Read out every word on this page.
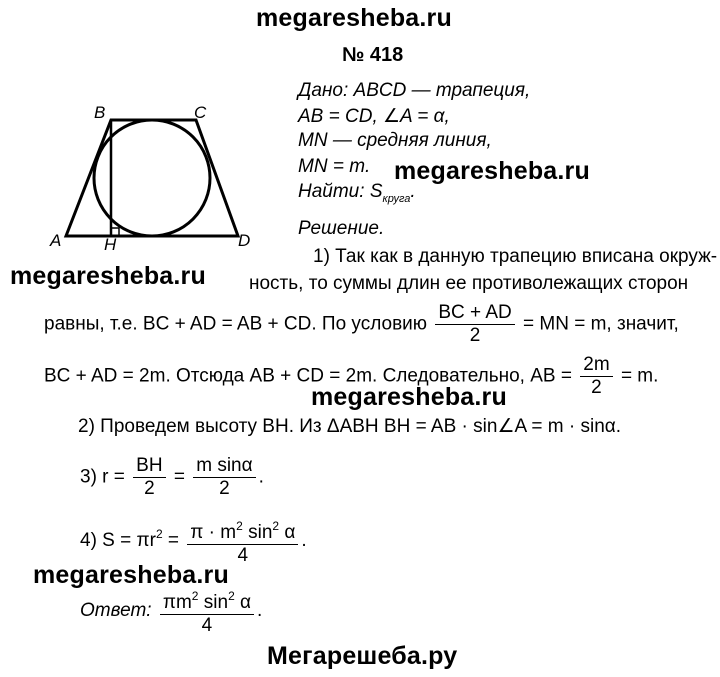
megaresheba.ru
megaresheba.ru
megaresheba.ru
megaresheba.ru
megaresheba.ru
Мегарешеба.ру
№ 418
B	C
A	H	D
Дано: ABCD — трапеция,
AB = CD, ∠A = α,
MN — средняя линия,
MN = m.
Найти: $S_{круга}$.
Решение.
1) Так как в данную трапецию вписана окруж-
ность, то суммы длин ее противолежащих сторон
равны, т.е. BC + AD = AB + CD. По условию $\frac{BC + AD}{2}$ = MN = m, значит,
BC + AD = 2m. Отсюда AB + CD = 2m. Следовательно, AB = $\frac{2m}{2} = m$.
2) Проведем высоту BH. Из ΔABH BH = AB · sin∠A = m · sinα.
3) $r = \frac{BH}{2} = \frac{\text{m sinα}}{2}$ .
4) $S = \pi r^2 = \frac{\pi \cdot m^2 \sin^2 \alpha}{4}$ .
Ответ: $\frac{\pi m^2 \sin^2 \alpha}{4}$ .
